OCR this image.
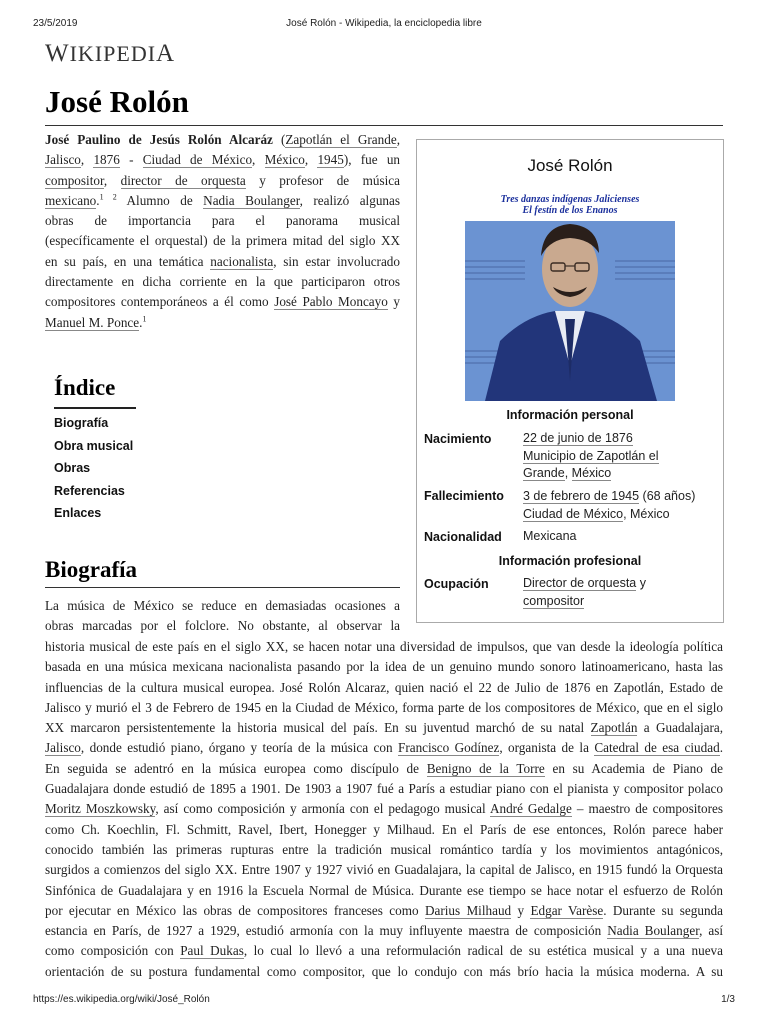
23/5/2019	José Rolón - Wikipedia, la enciclopedia libre
https://es.wikipedia.org/wiki/José_Rolón	1/3
WIKIPEDIA
José Rolón
José Paulino de Jesús Rolón Alcaráz (Zapotlán el Grande,
Jalisco, 1876 - Ciudad de México, México, 1945), fue un
compositor, director de orquesta y profesor de música
mexicano.$^{1 2}$ Alumno de Nadia Boulanger, realizó algunas
obras de importancia para el panorama musical
(específicamente el orquestal) de la primera mitad del siglo XX
en su país, en una temática nacionalista, sin estar involucrado
directamente en dicha corriente en la que participaron otros
compositores contemporáneos a él como José Pablo Moncayo y
Manuel M. Ponce.$^1$
José Rolón
Tres danzas indígenas Jalicienses
El festín de los Enanos
Información personal
Nacimiento	22 de junio de 1876
Municipio de Zapotlán el
Grande, México
Fallecimiento 3 de febrero de 1945 (68 años)
Ciudad de México, México
Nacionalidad Mexicana
Información profesional
Ocupación	Director de orquesta y
compositor
Índice
Biografía
Obra musical
Obras
Referencias
Enlaces
Biografía
La música de México se reduce en demasiadas ocasiones a
obras marcadas por el folclore. No obstante, al observar la
historia musical de este país en el siglo XX, se hacen notar una diversidad de impulsos, que van desde la ideología política
basada en una música mexicana nacionalista pasando por la idea de un genuino mundo sonoro latinoamericano, hasta las
influencias de la cultura musical europea. José Rolón Alcaraz, quien nació el 22 de Julio de 1876 en Zapotlán, Estado de
Jalisco y murió el 3 de Febrero de 1945 en la Ciudad de México, forma parte de los compositores de México, que en el siglo
XX marcaron persistentemente la historia musical del país. En su juventud marchó de su natal Zapotlán a Guadalajara,
Jalisco, donde estudió piano, órgano y teoría de la música con Francisco Godínez, organista de la Catedral de esa ciudad.
En seguida se adentró en la música europea como discípulo de Benigno de la Torre en su Academia de Piano de
Guadalajara donde estudió de 1895 a 1901. De 1903 a 1907 fué a París a estudiar piano con el pianista y compositor polaco
Moritz Moszkowsky, así como composición y armonía con el pedagogo musical André Gedalge – maestro de compositores
como Ch. Koechlin, Fl. Schmitt, Ravel, Ibert, Honegger y Milhaud. En el París de ese entonces, Rolón parece haber
conocido también las primeras rupturas entre la tradición musical romántico tardía y los movimientos antagónicos,
surgidos a comienzos del siglo XX. Entre 1907 y 1927 vivió en Guadalajara, la capital de Jalisco, en 1915 fundó la Orquesta
Sinfónica de Guadalajara y en 1916 la Escuela Normal de Música. Durante ese tiempo se hace notar el esfuerzo de Rolón
por ejecutar en México las obras de compositores franceses como Darius Milhaud y Edgar Varèse. Durante su segunda
estancia en París, de 1927 a 1929, estudió armonía con la muy influyente maestra de composición Nadia Boulanger, así
como composición con Paul Dukas, lo cual lo llevó a una reformulación radical de su estética musical y a una nueva
orientación de su postura fundamental como compositor, que lo condujo con más brío hacia la música moderna. A su
